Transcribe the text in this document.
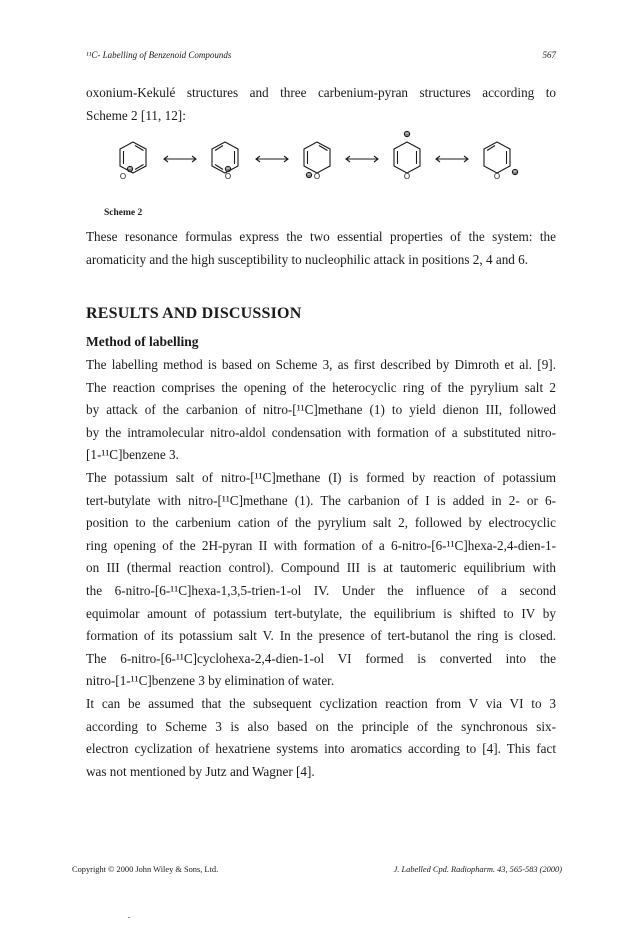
¹¹C- Labelling of Benzenoid Compounds	567
oxonium-Kekulé structures and three carbenium-pyran structures according to
Scheme 2 [11, 12]:
O	O	O	O	O
⊕	⊕
⊕
⊕
⊕
Scheme 2
These resonance formulas express the two essential properties of the system: the
aromaticity and the high susceptibility to nucleophilic attack in positions 2, 4 and 6.
RESULTS AND DISCUSSION
Method of labelling
The labelling method is based on Scheme 3, as first described by Dimroth et al. [9].
The reaction comprises the opening of the heterocyclic ring of the pyrylium salt 2
by attack of the carbanion of nitro-[¹¹C]methane (1) to yield dienon III, followed
by the intramolecular nitro-aldol condensation with formation of a substituted nitro-
[1-¹¹C]benzene 3.
The potassium salt of nitro-[¹¹C]methane (I) is formed by reaction of potassium
tert-butylate with nitro-[¹¹C]methane (1). The carbanion of I is added in 2- or 6-
position to the carbenium cation of the pyrylium salt 2, followed by electrocyclic
ring opening of the 2H-pyran II with formation of a 6-nitro-[6-¹¹C]hexa-2,4-dien-1-
on III (thermal reaction control). Compound III is at tautomeric equilibrium with
the 6-nitro-[6-¹¹C]hexa-1,3,5-trien-1-ol IV. Under the influence of a second
equimolar amount of potassium tert-butylate, the equilibrium is shifted to IV by
formation of its potassium salt V. In the presence of tert-butanol the ring is closed.
The 6-nitro-[6-¹¹C]cyclohexa-2,4-dien-1-ol VI formed is converted into the
nitro-[1-¹¹C]benzene 3 by elimination of water.
It can be assumed that the subsequent cyclization reaction from V via VI to 3
according to Scheme 3 is also based on the principle of the synchronous six-
electron cyclization of hexatriene systems into aromatics according to [4]. This fact
was not mentioned by Jutz and Wagner [4].
Copyright © 2000 John Wiley & Sons, Ltd.	J. Labelled Cpd. Radiopharm. 43, 565-583 (2000)
